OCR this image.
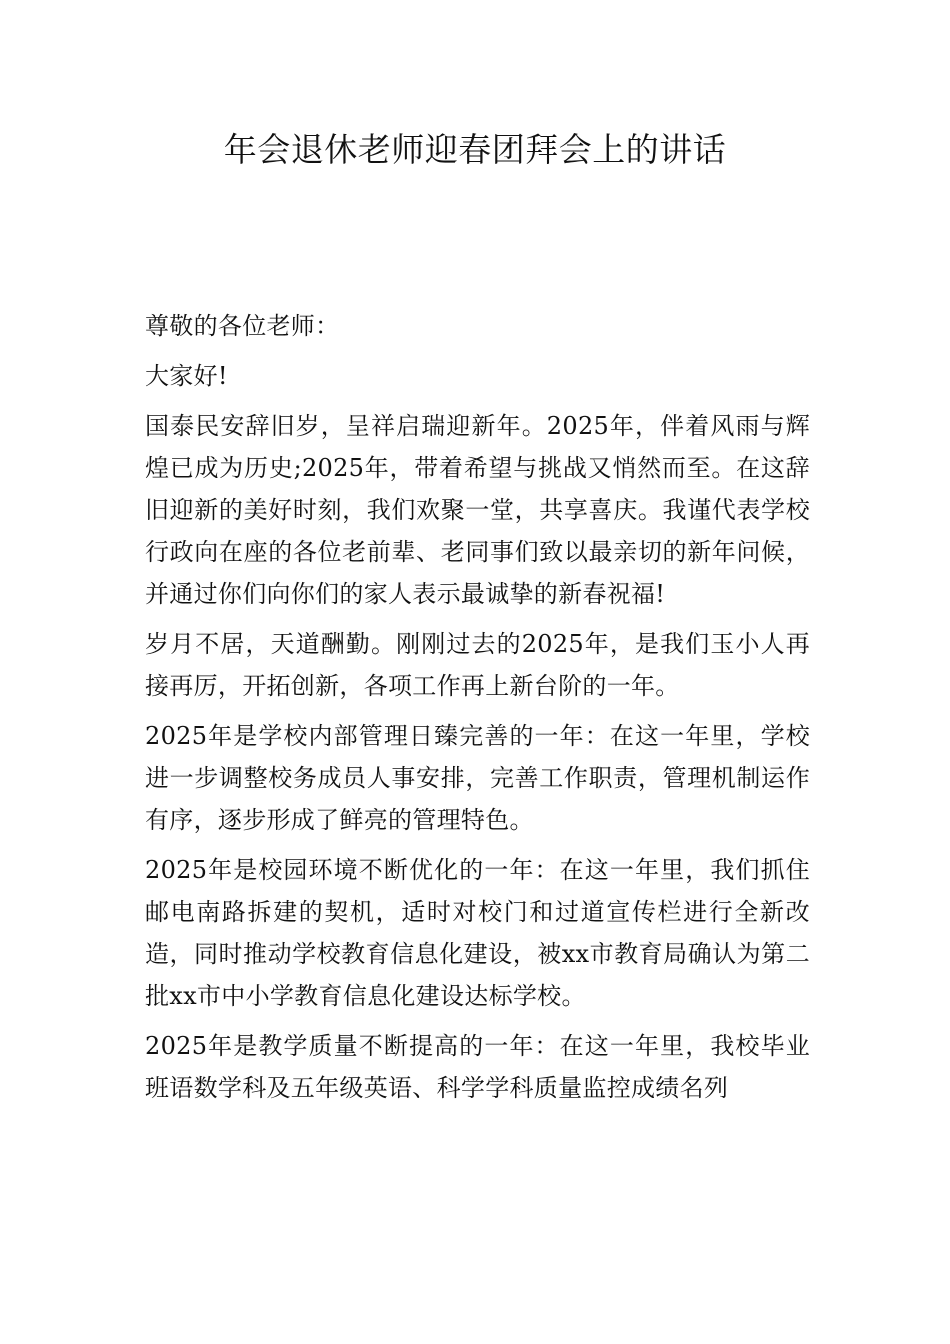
年会退休老师迎春团拜会上的讲话

尊敬的各位老师：

大家好!

国泰民安辞旧岁，呈祥启瑞迎新年。2025年，伴着风雨与辉煌已成为历史;2025年，带着希望与挑战又悄然而至。在这辞旧迎新的美好时刻，我们欢聚一堂，共享喜庆。我谨代表学校行政向在座的各位老前辈、老同事们致以最亲切的新年问候，并通过你们向你们的家人表示最诚挚的新春祝福!

岁月不居，天道酬勤。刚刚过去的2025年，是我们玉小人再接再厉，开拓创新，各项工作再上新台阶的一年。

2025年是学校内部管理日臻完善的一年：在这一年里，学校进一步调整校务成员人事安排，完善工作职责，管理机制运作有序，逐步形成了鲜亮的管理特色。

2025年是校园环境不断优化的一年：在这一年里，我们抓住邮电南路拆建的契机，适时对校门和过道宣传栏进行全新改造，同时推动学校教育信息化建设，被xx市教育局确认为第二批xx市中小学教育信息化建设达标学校。

2025年是教学质量不断提高的一年：在这一年里，我校毕业班语数学科及五年级英语、科学学科质量监控成绩名列
